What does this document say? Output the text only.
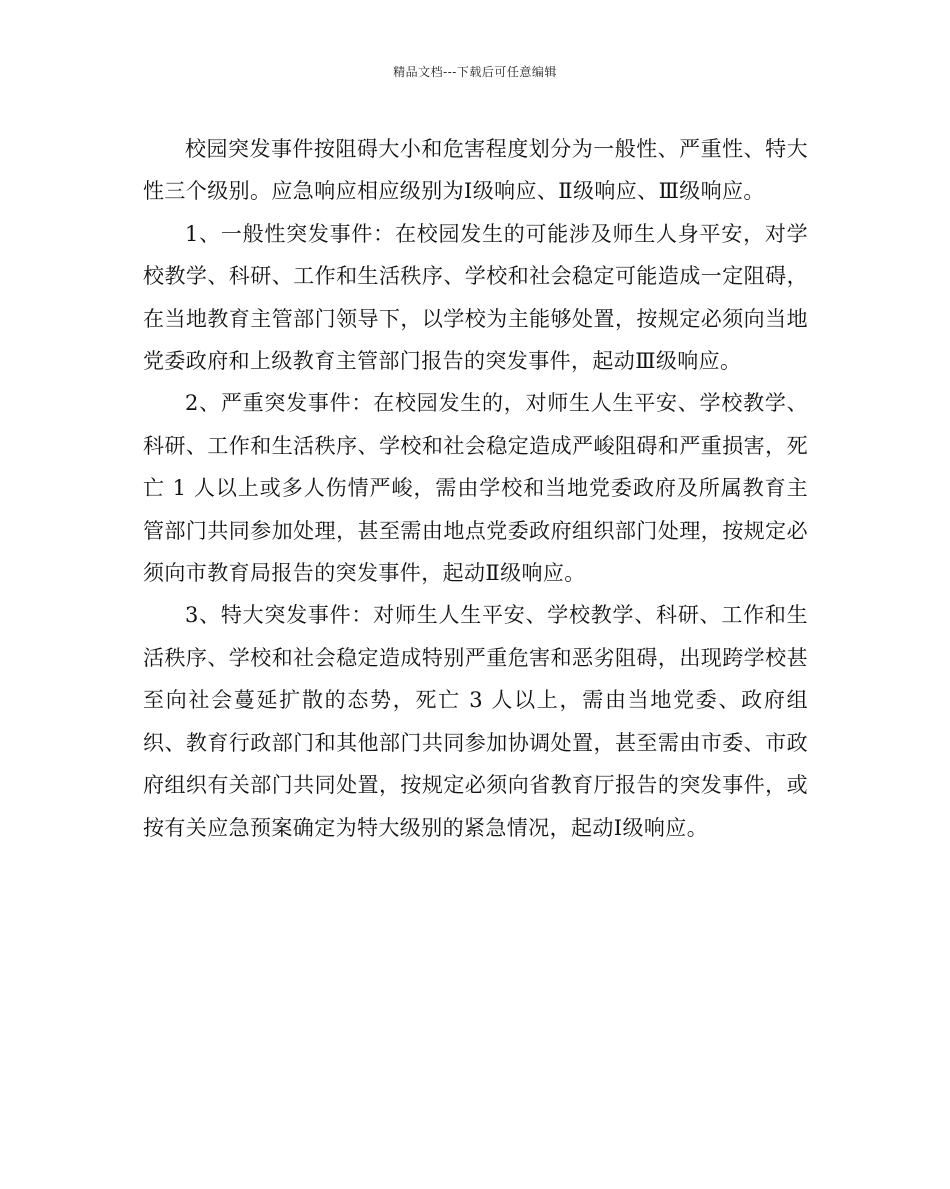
精品文档---下载后可任意编辑

校园突发事件按阻碍大小和危害程度划分为一般性、严重性、特大性三个级别。应急响应相应级别为Ⅰ级响应、Ⅱ级响应、Ⅲ级响应。

1、一般性突发事件：在校园发生的可能涉及师生人身平安，对学校教学、科研、工作和生活秩序、学校和社会稳定可能造成一定阻碍，在当地教育主管部门领导下，以学校为主能够处置，按规定必须向当地党委政府和上级教育主管部门报告的突发事件，起动Ⅲ级响应。

2、严重突发事件：在校园发生的，对师生人生平安、学校教学、科研、工作和生活秩序、学校和社会稳定造成严峻阻碍和严重损害，死亡 1 人以上或多人伤情严峻，需由学校和当地党委政府及所属教育主管部门共同参加处理，甚至需由地点党委政府组织部门处理，按规定必须向市教育局报告的突发事件，起动Ⅱ级响应。

3、特大突发事件：对师生人生平安、学校教学、科研、工作和生活秩序、学校和社会稳定造成特别严重危害和恶劣阻碍，出现跨学校甚至向社会蔓延扩散的态势，死亡 3 人以上，需由当地党委、政府组织、教育行政部门和其他部门共同参加协调处置，甚至需由市委、市政府组织有关部门共同处置，按规定必须向省教育厅报告的突发事件，或按有关应急预案确定为特大级别的紧急情况，起动Ⅰ级响应。
